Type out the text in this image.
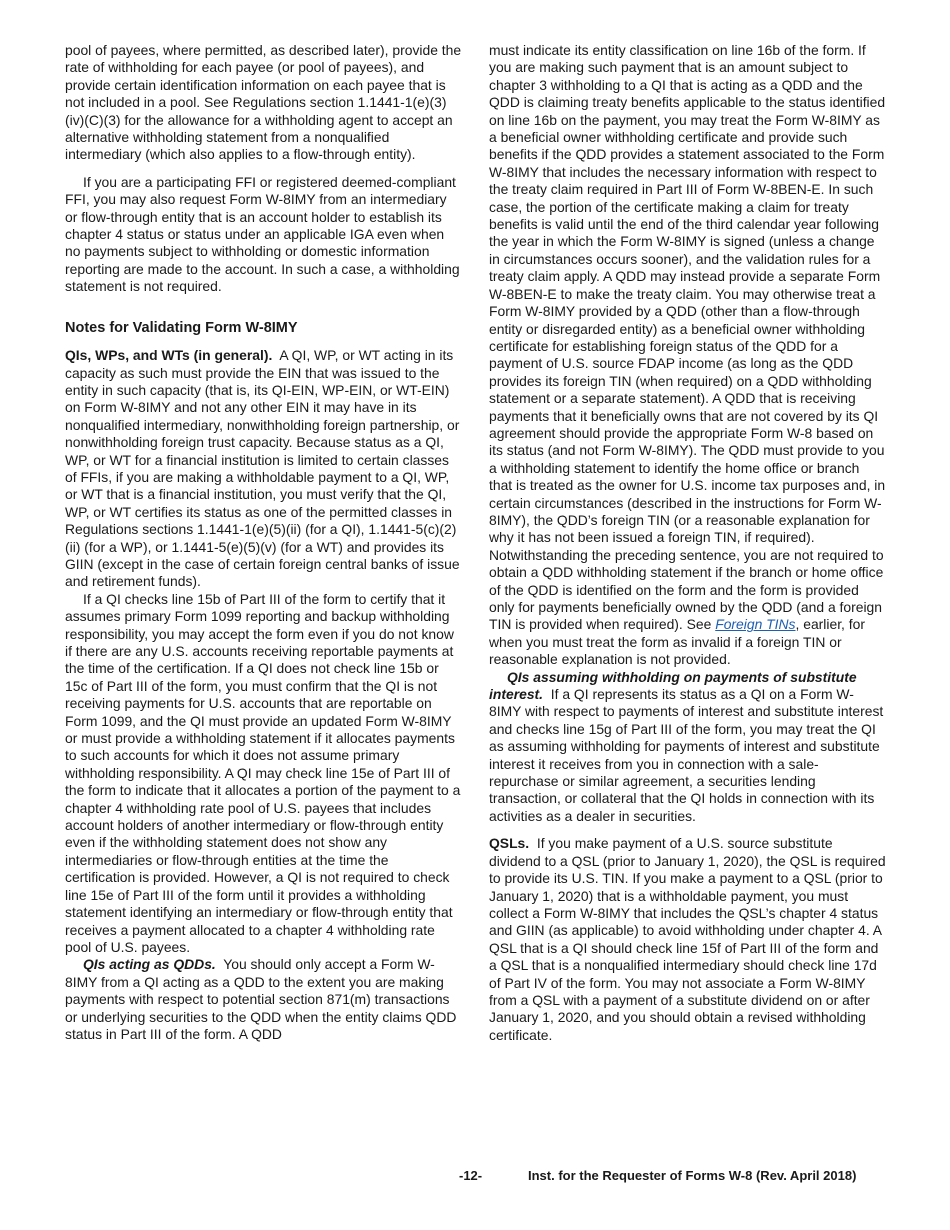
pool of payees, where permitted, as described later), provide the rate of withholding for each payee (or pool of payees), and provide certain identification information on each payee that is not included in a pool. See Regulations section 1.1441-1(e)(3)(iv)(C)(3) for the allowance for a withholding agent to accept an alternative withholding statement from a nonqualified intermediary (which also applies to a flow-through entity).

If you are a participating FFI or registered deemed-compliant FFI, you may also request Form W-8IMY from an intermediary or flow-through entity that is an account holder to establish its chapter 4 status or status under an applicable IGA even when no payments subject to withholding or domestic information reporting are made to the account. In such a case, a withholding statement is not required.

Notes for Validating Form W-8IMY

QIs, WPs, and WTs (in general). A QI, WP, or WT acting in its capacity as such must provide the EIN that was issued to the entity in such capacity (that is, its QI-EIN, WP-EIN, or WT-EIN) on Form W-8IMY and not any other EIN it may have in its nonqualified intermediary, nonwithholding foreign partnership, or nonwithholding foreign trust capacity. Because status as a QI, WP, or WT for a financial institution is limited to certain classes of FFIs, if you are making a withholdable payment to a QI, WP, or WT that is a financial institution, you must verify that the QI, WP, or WT certifies its status as one of the permitted classes in Regulations sections 1.1441-1(e)(5)(ii) (for a QI), 1.1441-5(c)(2)(ii) (for a WP), or 1.1441-5(e)(5)(v) (for a WT) and provides its GIIN (except in the case of certain foreign central banks of issue and retirement funds).

If a QI checks line 15b of Part III of the form to certify that it assumes primary Form 1099 reporting and backup withholding responsibility, you may accept the form even if you do not know if there are any U.S. accounts receiving reportable payments at the time of the certification. If a QI does not check line 15b or 15c of Part III of the form, you must confirm that the QI is not receiving payments for U.S. accounts that are reportable on Form 1099, and the QI must provide an updated Form W-8IMY or must provide a withholding statement if it allocates payments to such accounts for which it does not assume primary withholding responsibility. A QI may check line 15e of Part III of the form to indicate that it allocates a portion of the payment to a chapter 4 withholding rate pool of U.S. payees that includes account holders of another intermediary or flow-through entity even if the withholding statement does not show any intermediaries or flow-through entities at the time the certification is provided. However, a QI is not required to check line 15e of Part III of the form until it provides a withholding statement identifying an intermediary or flow-through entity that receives a payment allocated to a chapter 4 withholding rate pool of U.S. payees.

QIs acting as QDDs. You should only accept a Form W-8IMY from a QI acting as a QDD to the extent you are making payments with respect to potential section 871(m) transactions or underlying securities to the QDD when the entity claims QDD status in Part III of the form. A QDD

must indicate its entity classification on line 16b of the form. If you are making such payment that is an amount subject to chapter 3 withholding to a QI that is acting as a QDD and the QDD is claiming treaty benefits applicable to the status identified on line 16b on the payment, you may treat the Form W-8IMY as a beneficial owner withholding certificate and provide such benefits if the QDD provides a statement associated to the Form W-8IMY that includes the necessary information with respect to the treaty claim required in Part III of Form W-8BEN-E. In such case, the portion of the certificate making a claim for treaty benefits is valid until the end of the third calendar year following the year in which the Form W-8IMY is signed (unless a change in circumstances occurs sooner), and the validation rules for a treaty claim apply. A QDD may instead provide a separate Form W-8BEN-E to make the treaty claim. You may otherwise treat a Form W-8IMY provided by a QDD (other than a flow-through entity or disregarded entity) as a beneficial owner withholding certificate for establishing foreign status of the QDD for a payment of U.S. source FDAP income (as long as the QDD provides its foreign TIN (when required) on a QDD withholding statement or a separate statement). A QDD that is receiving payments that it beneficially owns that are not covered by its QI agreement should provide the appropriate Form W-8 based on its status (and not Form W-8IMY). The QDD must provide to you a withholding statement to identify the home office or branch that is treated as the owner for U.S. income tax purposes and, in certain circumstances (described in the instructions for Form W-8IMY), the QDD’s foreign TIN (or a reasonable explanation for why it has not been issued a foreign TIN, if required). Notwithstanding the preceding sentence, you are not required to obtain a QDD withholding statement if the branch or home office of the QDD is identified on the form and the form is provided only for payments beneficially owned by the QDD (and a foreign TIN is provided when required). See Foreign TINs, earlier, for when you must treat the form as invalid if a foreign TIN or reasonable explanation is not provided.

QIs assuming withholding on payments of substitute interest. If a QI represents its status as a QI on a Form W-8IMY with respect to payments of interest and substitute interest and checks line 15g of Part III of the form, you may treat the QI as assuming withholding for payments of interest and substitute interest it receives from you in connection with a sale-repurchase or similar agreement, a securities lending transaction, or collateral that the QI holds in connection with its activities as a dealer in securities.

QSLs. If you make payment of a U.S. source substitute dividend to a QSL (prior to January 1, 2020), the QSL is required to provide its U.S. TIN. If you make a payment to a QSL (prior to January 1, 2020) that is a withholdable payment, you must collect a Form W-8IMY that includes the QSL’s chapter 4 status and GIIN (as applicable) to avoid withholding under chapter 4. A QSL that is a QI should check line 15f of Part III of the form and a QSL that is a nonqualified intermediary should check line 17d of Part IV of the form. You may not associate a Form W-8IMY from a QSL with a payment of a substitute dividend on or after January 1, 2020, and you should obtain a revised withholding certificate.

-12-	Inst. for the Requester of Forms W-8 (Rev. April 2018)
